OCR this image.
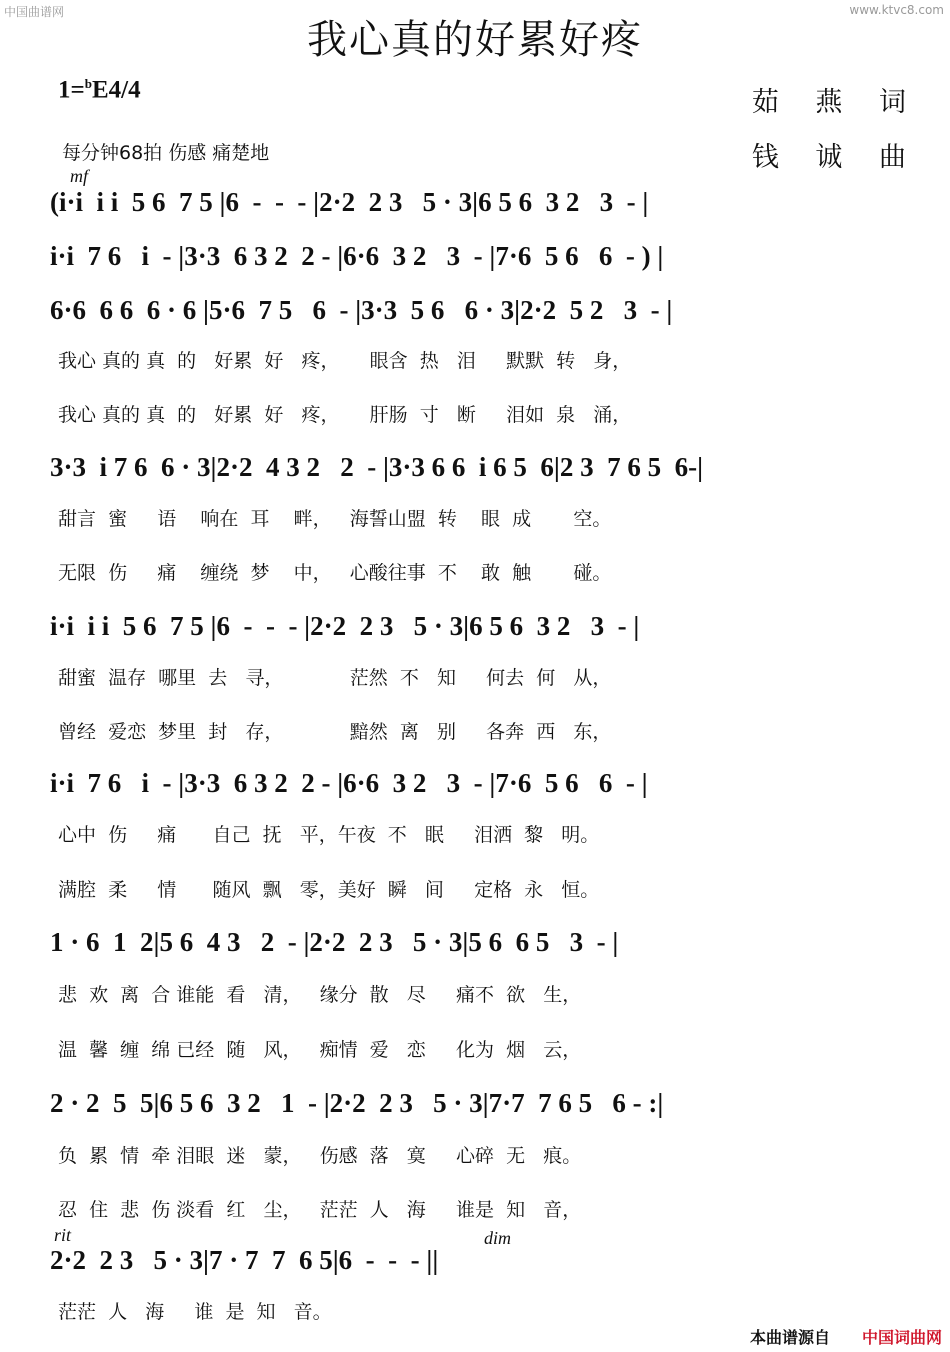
中国曲谱网	www.ktvc8.com
我心真的好累好疼
1=$^b$E4/4	茹 燕 词
钱 诚 曲
每分钟68拍 伤感 痛楚地
mf
rit	dim
(i·i  i i  5 6  7 5 |6  -  -  - |2·2  2 3   5 · 3|6 5 6  3 2   3  - |
i·i  7 6   i  - |3·3  6 3 2  2 - |6·6  3 2   3  - |7·6  5 6   6  - ) |
6·6  6 6  6 · 6 |5·6  7 5   6  - |3·3  5 6   6 · 3|2·2  5 2   3  - |
我心 真的 真  的   好累  好   疼，     眼含  热   泪     默默  转   身，
我心 真的 真  的   好累  好   疼，     肝肠  寸   断     泪如  泉   涌，
3·3  i 7 6  6 · 3|2·2  4 3 2   2  - |3·3 6 6  i 6 5  6|2 3  7 6 5  6-|
甜言  蜜     语    响在  耳    畔，   海誓山盟  转    眼  成       空。
无限  伤     痛    缠绕  梦    中，   心酸往事  不    敢  触       碰。
i·i  i i  5 6  7 5 |6  -  -  - |2·2  2 3   5 · 3|6 5 6  3 2   3  - |
甜蜜  温存  哪里  去   寻，           茫然  不   知     何去  何   从，
曾经  爱恋  梦里  封   存，           黯然  离   别     各奔  西   东，
i·i  7 6   i  - |3·3  6 3 2  2 - |6·6  3 2   3  - |7·6  5 6   6  - |
心中  伤     痛      自己  抚   平，午夜  不   眠     泪洒  黎   明。
满腔  柔     情      随风  飘   零，美好  瞬   间     定格  永   恒。
1 · 6  1  2|5 6  4 3   2  - |2·2  2 3   5 · 3|5 6  6 5   3  - |
悲  欢  离  合 谁能  看   清，   缘分  散   尽     痛不  欲   生，
温  馨  缠  绵 已经  随   风，   痴情  爱   恋     化为  烟   云，
2 · 2  5  5|6 5 6  3 2   1  - |2·2  2 3   5 · 3|7·7  7 6 5   6 - :|
负  累  情  牵 泪眼  迷   蒙，   伤感  落   寞     心碎  无   痕。
忍  住  悲  伤 淡看  红   尘，   茫茫  人   海     谁是  知   音，
2·2  2 3   5 · 3|7 · 7  7  6 5|6  -  -  - ||
茫茫  人   海     谁  是  知   音。
本曲谱源自 中国词曲网
